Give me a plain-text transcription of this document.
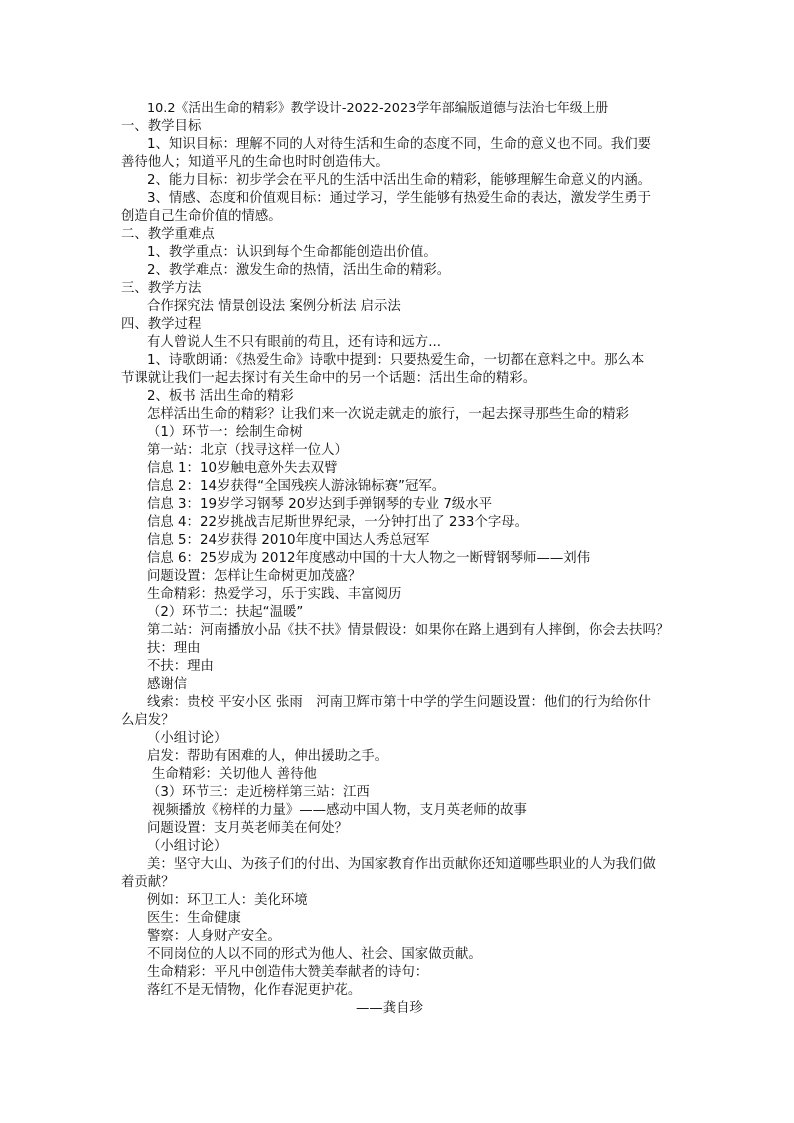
10.2《活出生命的精彩》教学设计-2022-2023学年部编版道德与法治七年级上册
一、教学目标
1、知识目标：理解不同的人对待生活和生命的态度不同，生命的意义也不同。我们要
善待他人；知道平凡的生命也时时创造伟大。
2、能力目标：初步学会在平凡的生活中活出生命的精彩，能够理解生命意义的内涵。
3、情感、态度和价值观目标：通过学习，学生能够有热爱生命的表达，激发学生勇于
创造自己生命价值的情感。
二、教学重难点
1、教学重点：认识到每个生命都能创造出价值。
2、教学难点：激发生命的热情，活出生命的精彩。
三、教学方法
合作探究法 情景创设法 案例分析法 启示法
四、教学过程
有人曾说人生不只有眼前的苟且，还有诗和远方...
1、诗歌朗诵：《热爱生命》诗歌中提到：只要热爱生命，一切都在意料之中。那么本
节课就让我们一起去探讨有关生命中的另一个话题：活出生命的精彩。
2、板书 活出生命的精彩
怎样活出生命的精彩？让我们来一次说走就走的旅行，一起去探寻那些生命的精彩
（1）环节一：绘制生命树
第一站：北京（找寻这样一位人）
信息 1：10岁触电意外失去双臂
信息 2：14岁获得“全国残疾人游泳锦标赛”冠军。
信息 3：19岁学习钢琴 20岁达到手弹钢琴的专业 7级水平
信息 4：22岁挑战吉尼斯世界纪录，一分钟打出了 233个字母。
信息 5：24岁获得 2010年度中国达人秀总冠军
信息 6：25岁成为 2012年度感动中国的十大人物之一断臂钢琴师——刘伟
问题设置：怎样让生命树更加茂盛？
生命精彩：热爱学习，乐于实践、丰富阅历
（2）环节二：扶起“温暖”
第二站：河南播放小品《扶不扶》情景假设：如果你在路上遇到有人摔倒，你会去扶吗？
扶：理由
不扶：理由
感谢信
线索：贵校 平安小区 张雨　河南卫辉市第十中学的学生问题设置：他们的行为给你什
么启发？
（小组讨论）
启发：帮助有困难的人，伸出援助之手。
生命精彩：关切他人 善待他
（3）环节三：走近榜样第三站：江西
视频播放《榜样的力量》——感动中国人物，支月英老师的故事
问题设置：支月英老师美在何处？
（小组讨论）
美：坚守大山、为孩子们的付出、为国家教育作出贡献你还知道哪些职业的人为我们做
着贡献？
例如：环卫工人：美化环境
医生：生命健康
警察：人身财产安全。
不同岗位的人以不同的形式为他人、社会、国家做贡献。
生命精彩：平凡中创造伟大赞美奉献者的诗句：
落红不是无情物，化作春泥更护花。
——龚自珍
